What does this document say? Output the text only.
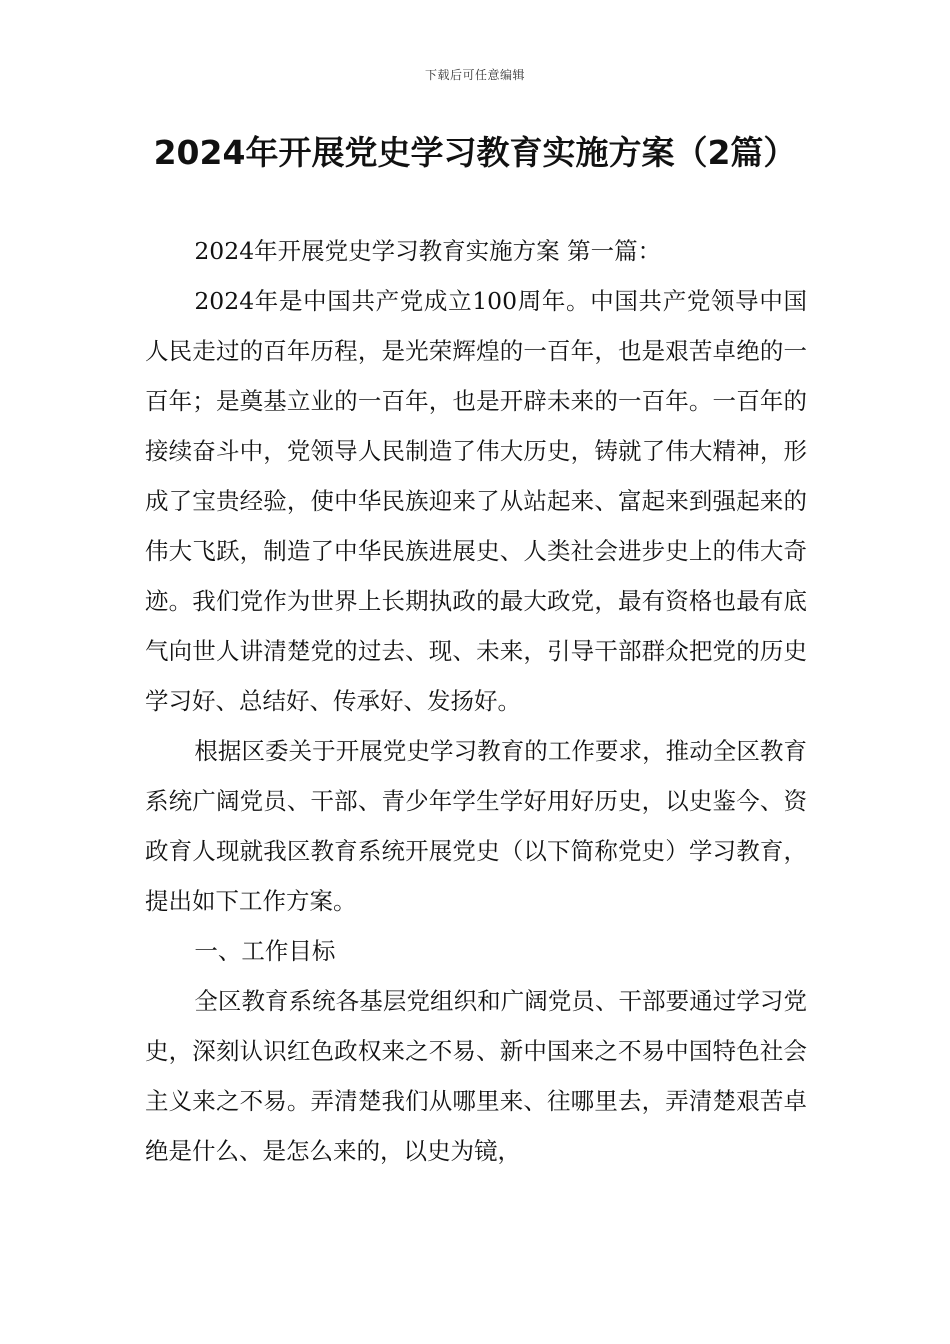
下载后可任意编辑
2024年开展党史学习教育实施方案（2篇）

2024年开展党史学习教育实施方案 第一篇：

2024年是中国共产党成立100周年。中国共产党领导中国人民走过的百年历程，是光荣辉煌的一百年，也是艰苦卓绝的一百年；是奠基立业的一百年，也是开辟未来的一百年。一百年的接续奋斗中，党领导人民制造了伟大历史，铸就了伟大精神，形成了宝贵经验，使中华民族迎来了从站起来、富起来到强起来的伟大飞跃，制造了中华民族进展史、人类社会进步史上的伟大奇迹。我们党作为世界上长期执政的最大政党，最有资格也最有底气向世人讲清楚党的过去、现、未来，引导干部群众把党的历史学习好、总结好、传承好、发扬好。

根据区委关于开展党史学习教育的工作要求，推动全区教育系统广阔党员、干部、青少年学生学好用好历史，以史鉴今、资政育人现就我区教育系统开展党史（以下简称党史）学习教育，提出如下工作方案。

一、工作目标

全区教育系统各基层党组织和广阔党员、干部要通过学习党史，深刻认识红色政权来之不易、新中国来之不易中国特色社会主义来之不易。弄清楚我们从哪里来、往哪里去，弄清楚艰苦卓绝是什么、是怎么来的，以史为镜，
